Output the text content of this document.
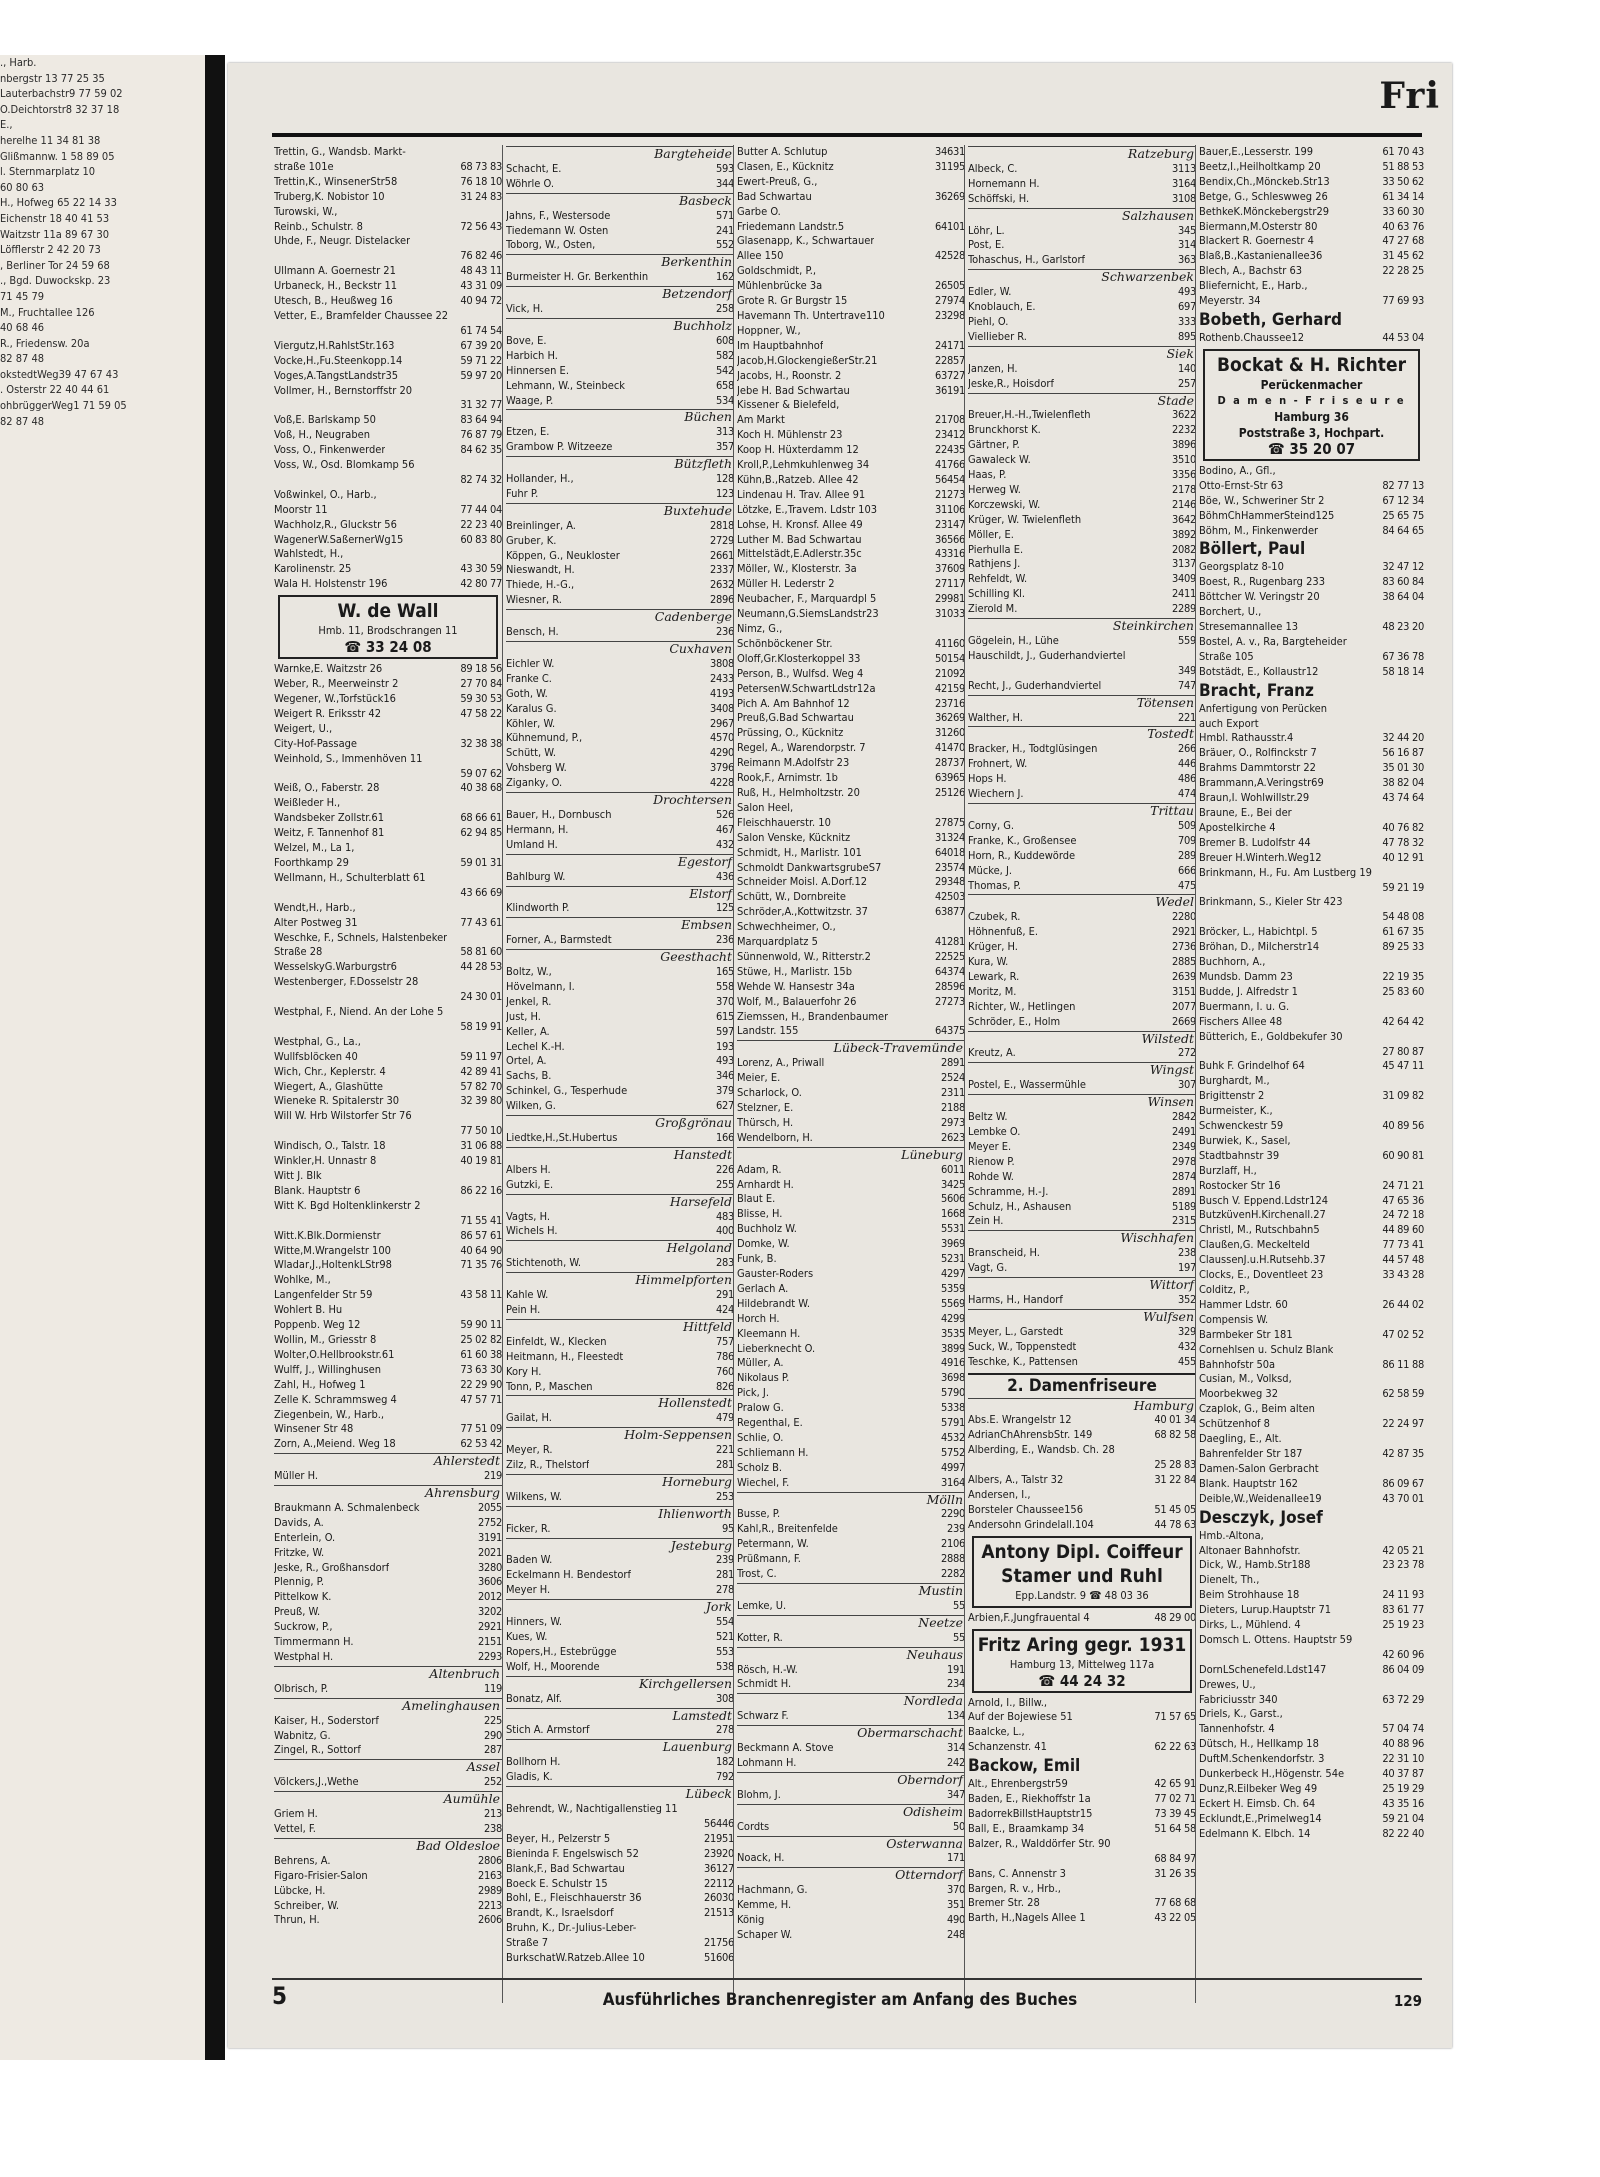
., Harb.
nbergstr 13 77 25 35
Lauterbachstr9 77 59 02
O.Deichtorstr8 32 37 18
E.,
herelhe 11 34 81 38
Glißmannw. 1 58 89 05
l. Sternmarplatz 10
60 80 63
H., Hofweg 65 22 14 33
Eichenstr 18 40 41 53
Waitzstr 11a 89 67 30
Löfflerstr 2 42 20 73
, Berliner Tor 24 59 68
., Bgd. Duwockskp. 23
71 45 79
M., Fruchtallee 126
40 68 46
R., Friedensw. 20a
82 87 48
okstedtWeg39 47 67 43
. Osterstr 22 40 44 61
ohbrüggerWeg1 71 59 05
82 87 48
Fri
Trettin, G., Wandsb. Markt-
straße 101e	68 73 83
Trettin,K., WinsenerStr58	76 18 10
Truberg,K. Nobistor 10	31 24 83
Turowski, W.,
Reinb., Schulstr. 8	72 56 43
Uhde, F., Neugr. Distelacker
76 82 46
Ullmann A. Goernestr 21	48 43 11
Urbaneck, H., Beckstr 11	43 31 09
Utesch, B., Heußweg 16	40 94 72
Vetter, E., Bramfelder Chaussee 22
61 74 54
Viergutz,H.RahlstStr.163	67 39 20
Vocke,H.,Fu.Steenkopp.14	59 71 22
Voges,A.TangstLandstr35	59 97 20
Vollmer, H., Bernstorffstr 20
31 32 77
Voß,E. Barlskamp 50	83 64 94
Voß, H., Neugraben	76 87 79
Voss, O., Finkenwerder	84 62 35
Voss, W., Osd. Blomkamp 56
82 74 32
Voßwinkel, O., Harb.,
Moorstr 11	77 44 04
Wachholz,R., Gluckstr 56	22 23 40
WagenerW.SaßernerWg15	60 83 80
Wahlstedt, H.,
Karolinenstr. 25	43 30 59
Wala H. Holstenstr 196	42 80 77
W. de Wall
Hmb. 11, Brodschrangen 11
☎ 33 24 08
Warnke,E. Waitzstr 26	89 18 56
Weber, R., Meerweinstr 2	27 70 84
Wegener, W.,Torfstück16	59 30 53
Weigert R. Eriksstr 42	47 58 22
Weigert, U.,
City-Hof-Passage	32 38 38
Weinhold, S., Immenhöven 11
59 07 62
Weiß, O., Faberstr. 28	40 38 68
Weißleder H.,
Wandsbeker Zollstr.61	68 66 61
Weitz, F. Tannenhof 81	62 94 85
Welzel, M., La 1,
Foorthkamp 29	59 01 31
Wellmann, H., Schulterblatt 61
43 66 69
Wendt,H., Harb.,
Alter Postweg 31	77 43 61
Weschke, F., Schnels, Halstenbeker
Straße 28	58 81 60
WesselskyG.Warburgstr6	44 28 53
Westenberger, F.Dosselstr 28
24 30 01
Westphal, F., Niend. An der Lohe 5
58 19 91
Westphal, G., La.,
Wullfsblöcken 40	59 11 97
Wich, Chr., Keplerstr. 4	42 89 41
Wiegert, A., Glashütte	57 82 70
Wieneke R. Spitalerstr 30	32 39 80
Will W. Hrb Wilstorfer Str 76
77 50 10
Windisch, O., Talstr. 18	31 06 88
Winkler,H. Unnastr 8	40 19 81
Witt J. Blk
Blank. Hauptstr 6	86 22 16
Witt K. Bgd Holtenklinkerstr 2
71 55 41
Witt.K.Blk.Dormienstr	86 57 61
Witte,M.Wrangelstr 100	40 64 90
Wladar,J.,HoltenkLStr98	71 35 76
Wohlke, M.,
Langenfelder Str 59	43 58 11
Wohlert B. Hu
Poppenb. Weg 12	59 90 11
Wollin, M., Griesstr 8	25 02 82
Wolter,O.Hellbrookstr.61	61 60 38
Wulff, J., Willinghusen	73 63 30
Zahl, H., Hofweg 1	22 29 90
Zelle K. Schrammsweg 4	47 57 71
Ziegenbein, W., Harb.,
Winsener Str 48	77 51 09
Zorn, A.,Meiend. Weg 18	62 53 42
Ahlerstedt
Müller H.	219
Ahrensburg
Braukmann A. Schmalenbeck	2055
Davids, A.	2752
Enterlein, O.	3191
Fritzke, W.	2021
Jeske, R., Großhansdorf	3280
Plennig, P.	3606
Pittelkow K.	2012
Preuß, W.	3202
Suckrow, P.,	2921
Timmermann H.	2151
Westphal H.	2293
Altenbruch
Olbrisch, P.	119
Amelinghausen
Kaiser, H., Soderstorf	225
Wabnitz, G.	290
Zingel, R., Sottorf	287
Assel
Völckers,J.,Wethe	252
Aumühle
Griem H.	213
Vettel, F.	238
Bad Oldesloe
Behrens, A.	2806
Figaro-Frisier-Salon	2163
Lübcke, H.	2989
Schreiber, W.	2213
Thrun, H.	2606
Bargteheide
Schacht, E.	593
Wöhrle O.	344
Basbeck
Jahns, F., Westersode	571
Tiedemann W. Osten	241
Toborg, W., Osten,	552
Berkenthin
Burmeister H. Gr. Berkenthin	162
Betzendorf
Vick, H.	258
Buchholz
Bove, E.	608
Harbich H.	582
Hinnersen E.	542
Lehmann, W., Steinbeck	658
Waage, P.	534
Büchen
Etzen, E.	313
Grambow P. Witzeeze	357
Bützfleth
Hollander, H.,	128
Fuhr P.	123
Buxtehude
Breinlinger, A.	2818
Gruber, K.	2729
Köppen, G., Neukloster	2661
Nieswandt, H.	2337
Thiede, H.-G.,	2632
Wiesner, R.	2896
Cadenberge
Bensch, H.	236
Cuxhaven
Eichler W.	3808
Franke C.	2433
Goth, W.	4193
Karalus G.	3408
Köhler, W.	2967
Kühnemund, P.,	4570
Schütt, W.	4290
Vohsberg W.	3796
Ziganky, O.	4228
Drochtersen
Bauer, H., Dornbusch	526
Hermann, H.	467
Umland H.	432
Egestorf
Bahlburg W.	436
Elstorf
Klindworth P.	125
Embsen
Forner, A., Barmstedt	236
Geesthacht
Boltz, W.,	165
Hövelmann, I.	558
Jenkel, R.	370
Just, H.	615
Keller, A.	597
Lechel K.-H.	193
Ortel, A.	493
Sachs, B.	346
Schinkel, G., Tesperhude	379
Wilken, G.	627
Großgrönau
Liedtke,H.,St.Hubertus	166
Hanstedt
Albers H.	226
Gutzki, E.	255
Harsefeld
Vagts, H.	483
Wichels H.	400
Helgoland
Stichtenoth, W.	283
Himmelpforten
Kahle W.	291
Pein H.	424
Hittfeld
Einfeldt, W., Klecken	757
Heitmann, H., Fleestedt	786
Kory H.	760
Tonn, P., Maschen	826
Hollenstedt
Gailat, H.	479
Holm-Seppensen
Meyer, R.	221
Zilz, R., Thelstorf	281
Horneburg
Wilkens, W.	253
Ihlienworth
Ficker, R.	95
Jesteburg
Baden W.	239
Eckelmann H. Bendestorf	281
Meyer H.	278
Jork
Hinners, W.	554
Kues, W.	521
Ropers,H., Estebrügge	553
Wolf, H., Moorende	538
Kirchgellersen
Bonatz, Alf.	308
Lamstedt
Stich A. Armstorf	278
Lauenburg
Bollhorn H.	182
Gladis, K.	792
Lübeck
Behrendt, W., Nachtigallenstieg 11
56446
Beyer, H., Pelzerstr 5	21951
Bieninda F. Engelswisch 52	23920
Blank,F., Bad Schwartau	36127
Boeck E. Schulstr 15	22112
Bohl, E., Fleischhauerstr 36	26030
Brandt, K., Israelsdorf	21513
Bruhn, K., Dr.-Julius-Leber-
Straße 7	21756
BurkschatW.Ratzeb.Allee 10	51606
Butter A. Schlutup	34631
Clasen, E., Kücknitz	31195
Ewert-Preuß, G.,
Bad Schwartau	36269
Garbe O.
Friedemann Landstr.5	64101
Glasenapp, K., Schwartauer
Allee 150	42528
Goldschmidt, P.,
Mühlenbrücke 3a	26505
Grote R. Gr Burgstr 15	27974
Havemann Th. Untertrave110	23298
Hoppner, W.,
Im Hauptbahnhof	24171
Jacob,H.GlockengießerStr.21	22857
Jacobs, H., Roonstr. 2	63727
Jebe H. Bad Schwartau	36191
Kissener & Bielefeld,
Am Markt	21708
Koch H. Mühlenstr 23	23412
Koop H. Hüxterdamm 12	22435
Kroll,P.,Lehmkuhlenweg 34	41766
Kühn,B.,Ratzeb. Allee 42	56454
Lindenau H. Trav. Allee 91	21273
Lötzke, E.,Travem. Ldstr 103	31106
Lohse, H. Kronsf. Allee 49	23147
Luther M. Bad Schwartau	36566
Mittelstädt,E.Adlerstr.35c	43316
Möller, W., Klosterstr. 3a	37609
Müller H. Lederstr 2	27117
Neubacher, F., Marquardpl 5	29981
Neumann,G.SiemsLandstr23	31033
Nimz, G.,
Schönböckener Str.	41160
Oloff,Gr.Klosterkoppel 33	50154
Person, B., Wulfsd. Weg 4	21092
PetersenW.SchwartLdstr12a	42159
Pich A. Am Bahnhof 12	23716
Preuß,G.Bad Schwartau	36269
Prüssing, O., Kücknitz	31260
Regel, A., Warendorpstr. 7	41470
Reimann M.Adolfstr 23	28737
Rook,F., Arnimstr. 1b	63965
Ruß, H., Helmholtzstr. 20	25126
Salon Heel,
Fleischhauerstr. 10	27875
Salon Venske, Kücknitz	31324
Schmidt, H., Marlistr. 101	64018
Schmoldt DankwartsgrubeS7	23574
Schneider Moisl. A.Dorf.12	29348
Schütt, W., Dornbreite	42503
Schröder,A.,Kottwitzstr. 37	63877
Schwechheimer, O.,
Marquardplatz 5	41281
Sünnenwold, W., Ritterstr.2	22525
Stüwe, H., Marlistr. 15b	64374
Wehde W. Hansestr 34a	28596
Wolf, M., Balauerfohr 26	27273
Ziemssen, H., Brandenbaumer
Landstr. 155	64375
Lübeck-Travemünde
Lorenz, A., Priwall	2891
Meier, E.	2524
Scharlock, O.	2311
Stelzner, E.	2188
Thürsch, H.	2973
Wendelborn, H.	2623
Lüneburg
Adam, R.	6011
Arnhardt H.	3425
Blaut E.	5606
Blisse, H.	1668
Buchholz W.	5531
Domke, W.	3969
Funk, B.	5231
Gauster-Roders	4297
Gerlach A.	5359
Hildebrandt W.	5569
Horch H.	4299
Kleemann H.	3535
Lieberknecht O.	3899
Müller, A.	4916
Nikolaus P.	3698
Pick, J.	5790
Pralow G.	5338
Regenthal, E.	5791
Schlie, O.	4532
Schliemann H.	5752
Scholz B.	4997
Wiechel, F.	3164
Mölln
Busse, P.	2290
Kahl,R., Breitenfelde	239
Petermann, W.	2106
Prüßmann, F.	2888
Trost, C.	2282
Mustin
Lemke, U.	55
Neetze
Kotter, R.	55
Neuhaus
Rösch, H.-W.	191
Schmidt H.	234
Nordleda
Schwarz F.	134
Obermarschacht
Beckmann A. Stove	314
Lohmann H.	242
Oberndorf
Blohm, J.	347
Odisheim
Cordts	50
Osterwanna
Noack, H.	171
Otterndorf
Hachmann, G.	370
Kemme, H.	351
König	490
Schaper W.	248
Ratzeburg
Albeck, C.	3113
Hornemann H.	3164
Schöffski, H.	3108
Salzhausen
Löhr, L.	345
Post, E.	314
Tohaschus, H., Garlstorf	363
Schwarzenbek
Edler, W.	493
Knoblauch, E.	697
Piehl, O.	333
Viellieber R.	895
Siek
Janzen, H.	140
Jeske,R., Hoisdorf	257
Stade
Breuer,H.-H.,Twielenfleth	3622
Brunckhorst K.	2232
Gärtner, P.	3896
Gawaleck W.	3510
Haas, P.	3356
Herweg W.	2178
Korczewski, W.	2146
Krüger, W. Twielenfleth	3642
Möller, E.	3892
Pierhulla E.	2082
Rathjens J.	3137
Rehfeldt, W.	3409
Schilling Kl.	2411
Zierold M.	2289
Steinkirchen
Gögelein, H., Lühe	559
Hauschildt, J., Guderhandviertel
349
Recht, J., Guderhandviertel	747
Tötensen
Walther, H.	221
Tostedt
Bracker, H., Todtglüsingen	266
Frohnert, W.	446
Hops H.	486
Wiechern J.	474
Trittau
Corny, G.	509
Franke, K., Großensee	709
Horn, R., Kuddewörde	289
Mücke, J.	666
Thomas, P.	475
Wedel
Czubek, R.	2280
Höhnenfuß, E.	2921
Krüger, H.	2736
Kura, W.	2885
Lewark, R.	2639
Moritz, M.	3151
Richter, W., Hetlingen	2077
Schröder, E., Holm	2669
Wilstedt
Kreutz, A.	272
Wingst
Postel, E., Wassermühle	307
Winsen
Beltz W.	2842
Lembke O.	2491
Meyer E.	2349
Rienow P.	2978
Rohde W.	2874
Schramme, H.-J.	2891
Schulz, H., Ashausen	5189
Zein H.	2315
Wischhafen
Branscheid, H.	238
Vagt, G.	197
Wittorf
Harms, H., Handorf	352
Wulfsen
Meyer, L., Garstedt	329
Suck, W., Toppenstedt	432
Teschke, K., Pattensen	455
2. Damenfriseure
Hamburg
Abs.E. Wrangelstr 12	40 01 34
AdrianChAhrensbStr. 149	68 82 58
Alberding, E., Wandsb. Ch. 28
25 28 83
Albers, A., Talstr 32	31 22 84
Andersen, I.,
Borsteler Chaussee156	51 45 05
Andersohn Grindelall.104	44 78 63
Antony Dipl. Coiffeur
Stamer und Ruhl
Epp.Landstr. 9 ☎ 48 03 36
Arbien,F.,Jungfrauental 4	48 29 00
Fritz Aring gegr. 1931
Hamburg 13, Mittelweg 117a
☎ 44 24 32
Arnold, I., Billw.,
Auf der Bojewiese 51	71 57 65
Baalcke, L.,
Schanzenstr. 41	62 22 63
Backow, Emil
Alt., Ehrenbergstr59	42 65 91
Baden, E., Riekhoffstr 1a	77 02 71
BadorrekBillstHauptstr15	73 39 45
Ball, E., Braamkamp 34	51 64 58
Balzer, R., Walddörfer Str. 90
68 84 97
Bans, C. Annenstr 3	31 26 35
Bargen, R. v., Hrb.,
Bremer Str. 28	77 68 68
Barth, H.,Nagels Allee 1	43 22 05
Bauer,E.,Lesserstr. 199	61 70 43
Beetz,I.,Heilholtkamp 20	51 88 53
Bendix,Ch.,Mönckeb.Str13	33 50 62
Betge, G., Schleswweg 26	61 34 14
BethkeK.Mönckebergstr29	33 60 30
Biermann,M.Osterstr 80	40 63 76
Blackert R. Goernestr 4	47 27 68
Blaß,B.,Kastanienallee36	31 45 62
Blech, A., Bachstr 63	22 28 25
Bliefernicht, E., Harb.,
Meyerstr. 34	77 69 93
Bobeth, Gerhard
Rothenb.Chaussee12	44 53 04
Bockat & H. Richter
Perückenmacher
D a m e n - F r i s e u r e
Hamburg 36
Poststraße 3, Hochpart.
☎ 35 20 07
Bodino, A., Gfl.,
Otto-Ernst-Str 63	82 77 13
Böe, W., Schweriner Str 2	67 12 34
BöhmChHammerSteind125	25 65 75
Böhm, M., Finkenwerder	84 64 65
Böllert, Paul
Georgsplatz 8-10	32 47 12
Boest, R., Rugenbarg 233	83 60 84
Böttcher W. Veringstr 20	38 64 04
Borchert, U.,
Stresemannallee 13	48 23 20
Bostel, A. v., Ra, Bargteheider
Straße 105	67 36 78
Botstädt, E., Kollaustr12	58 18 14
Bracht, Franz
Anfertigung von Perücken
auch Export
Hmbl. Rathausstr.4	32 44 20
Bräuer, O., Rolfinckstr 7	56 16 87
Brahms Dammtorstr 22	35 01 30
Brammann,A.Veringstr69	38 82 04
Braun,I. Wohlwillstr.29	43 74 64
Braune, E., Bei der
Apostelkirche 4	40 76 82
Bremer B. Ludolfstr 44	47 78 32
Breuer H.Winterh.Weg12	40 12 91
Brinkmann, H., Fu. Am Lustberg 19
59 21 19
Brinkmann, S., Kieler Str 423
54 48 08
Bröcker, L., Habichtpl. 5	61 67 35
Bröhan, D., Milcherstr14	89 25 33
Buchhorn, A.,
Mundsb. Damm 23	22 19 35
Budde, J. Alfredstr 1	25 83 60
Buermann, I. u. G.
Fischers Allee 48	42 64 42
Bütterich, E., Goldbekufer 30
27 80 87
Buhk F. Grindelhof 64	45 47 11
Burghardt, M.,
Brigittenstr 2	31 09 82
Burmeister, K.,
Schwenckestr 59	40 89 56
Burwiek, K., Sasel,
Stadtbahnstr 39	60 90 81
Burzlaff, H.,
Rostocker Str 16	24 71 21
Busch V. Eppend.Ldstr124	47 65 36
ButzküvenH.Kirchenall.27	24 72 18
Christl, M., Rutschbahn5	44 89 60
Claußen,G. Meckelteld	77 73 41
ClaussenJ.u.H.Rutsehb.37	44 57 48
Clocks, E., Doventleet 23	33 43 28
Colditz, P.,
Hammer Ldstr. 60	26 44 02
Compensis W.
Barmbeker Str 181	47 02 52
Cornehlsen u. Schulz Blank
Bahnhofstr 50a	86 11 88
Cusian, M., Volksd,
Moorbekweg 32	62 58 59
Czaplok, G., Beim alten
Schützenhof 8	22 24 97
Daegling, E., Alt.
Bahrenfelder Str 187	42 87 35
Damen-Salon Gerbracht
Blank. Hauptstr 162	86 09 67
Deible,W.,Weidenallee19	43 70 01
Desczyk, Josef
Hmb.-Altona,
Altonaer Bahnhofstr.	42 05 21
Dick, W., Hamb.Str188	23 23 78
Dienelt, Th.,
Beim Strohhause 18	24 11 93
Dieters, Lurup.Hauptstr 71	83 61 77
Dirks, L., Mühlend. 4	25 19 23
Domsch L. Ottens. Hauptstr 59
42 60 96
DornLSchenefeld.Ldst147	86 04 09
Drewes, U.,
Fabriciusstr 340	63 72 29
Driels, K., Garst.,
Tannenhofstr. 4	57 04 74
Dütsch, H., Hellkamp 18	40 88 96
DuftM.Schenkendorfstr. 3	22 31 10
Dunkerbeck H.,Högenstr. 54e	40 37 87
Dunz,R.Eilbeker Weg 49	25 19 29
Eckert H. Eimsb. Ch. 64	43 35 16
Ecklundt,E.,Primelweg14	59 21 04
Edelmann K. Elbch. 14	82 22 40
5	Ausführliches Branchenregister am Anfang des Buches	129
